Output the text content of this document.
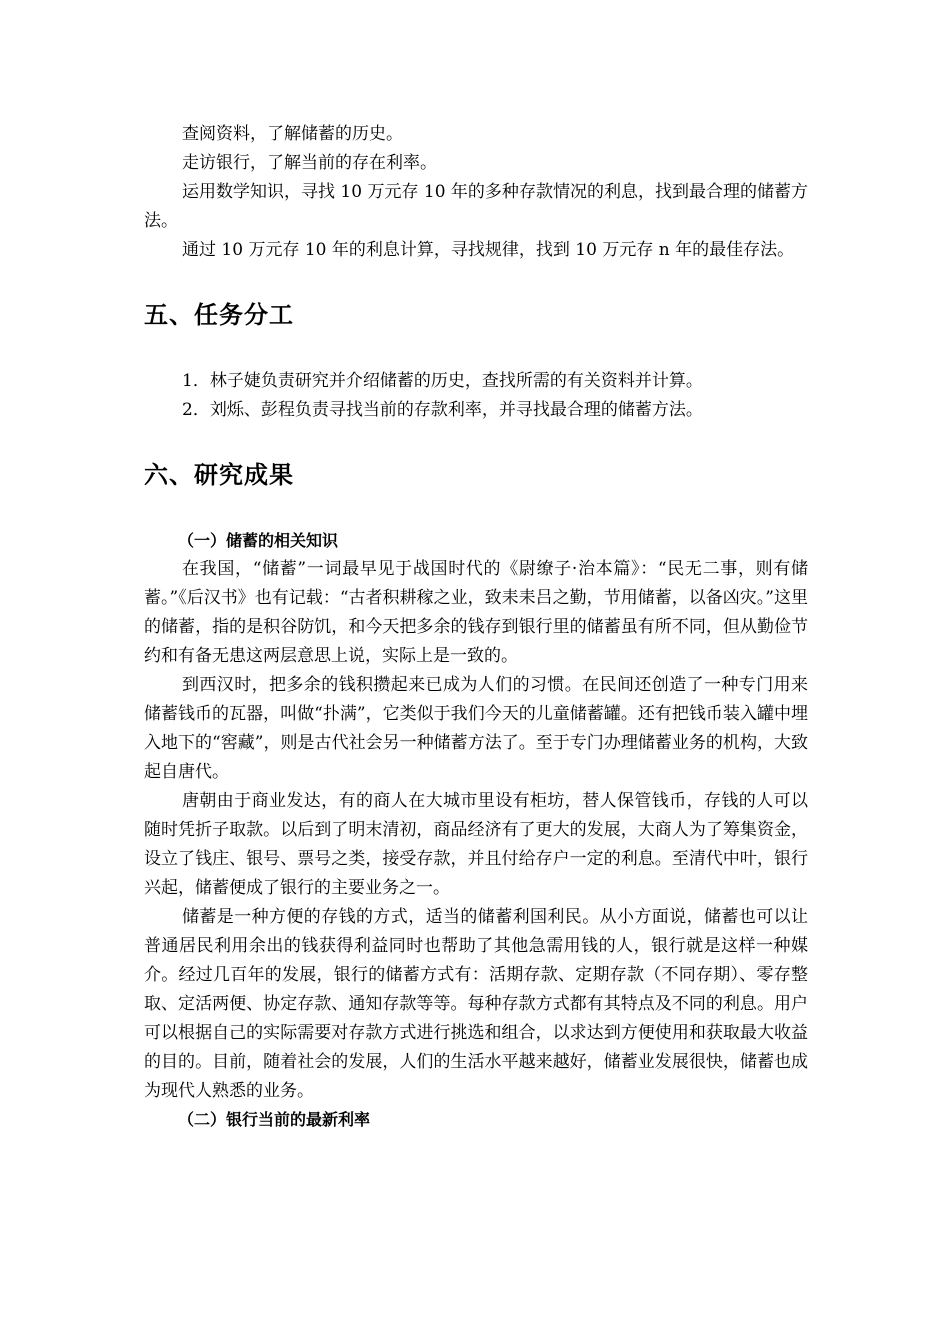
查阅资料，了解储蓄的历史。

走访银行，了解当前的存在利率。

运用数学知识，寻找 10 万元存 10 年的多种存款情况的利息，找到最合理的储蓄方法。

通过 10 万元存 10 年的利息计算，寻找规律，找到 10 万元存 n 年的最佳存法。

五、任务分工

1．林子婕负责研究并介绍储蓄的历史，查找所需的有关资料并计算。

2．刘烁、彭程负责寻找当前的存款利率，并寻找最合理的储蓄方法。

六、研究成果
（一）储蓄的相关知识

在我国，“储蓄”一词最早见于战国时代的《尉缭子·治本篇》：“民无二事，则有储蓄。”《后汉书》也有记载：“古者积耕稼之业，致耒耒吕之勤，节用储蓄，以备凶灾。”这里的储蓄，指的是积谷防饥，和今天把多余的钱存到银行里的储蓄虽有所不同，但从勤俭节约和有备无患这两层意思上说，实际上是一致的。

到西汉时，把多余的钱积攒起来已成为人们的习惯。在民间还创造了一种专门用来储蓄钱币的瓦器，叫做“扑满”，它类似于我们今天的儿童储蓄罐。还有把钱币装入罐中埋入地下的“窖藏”，则是古代社会另一种储蓄方法了。至于专门办理储蓄业务的机构，大致起自唐代。

唐朝由于商业发达，有的商人在大城市里设有柜坊，替人保管钱币，存钱的人可以随时凭折子取款。以后到了明末清初，商品经济有了更大的发展，大商人为了筹集资金，设立了钱庄、银号、票号之类，接受存款，并且付给存户一定的利息。至清代中叶，银行兴起，储蓄便成了银行的主要业务之一。

储蓄是一种方便的存钱的方式，适当的储蓄利国利民。从小方面说，储蓄也可以让普通居民利用余出的钱获得利益同时也帮助了其他急需用钱的人，银行就是这样一种媒介。经过几百年的发展，银行的储蓄方式有：活期存款、定期存款（不同存期）、零存整取、定活两便、协定存款、通知存款等等。每种存款方式都有其特点及不同的利息。用户可以根据自己的实际需要对存款方式进行挑选和组合，以求达到方便使用和获取最大收益的目的。目前，随着社会的发展，人们的生活水平越来越好，储蓄业发展很快，储蓄也成为现代人熟悉的业务。

（二）银行当前的最新利率
